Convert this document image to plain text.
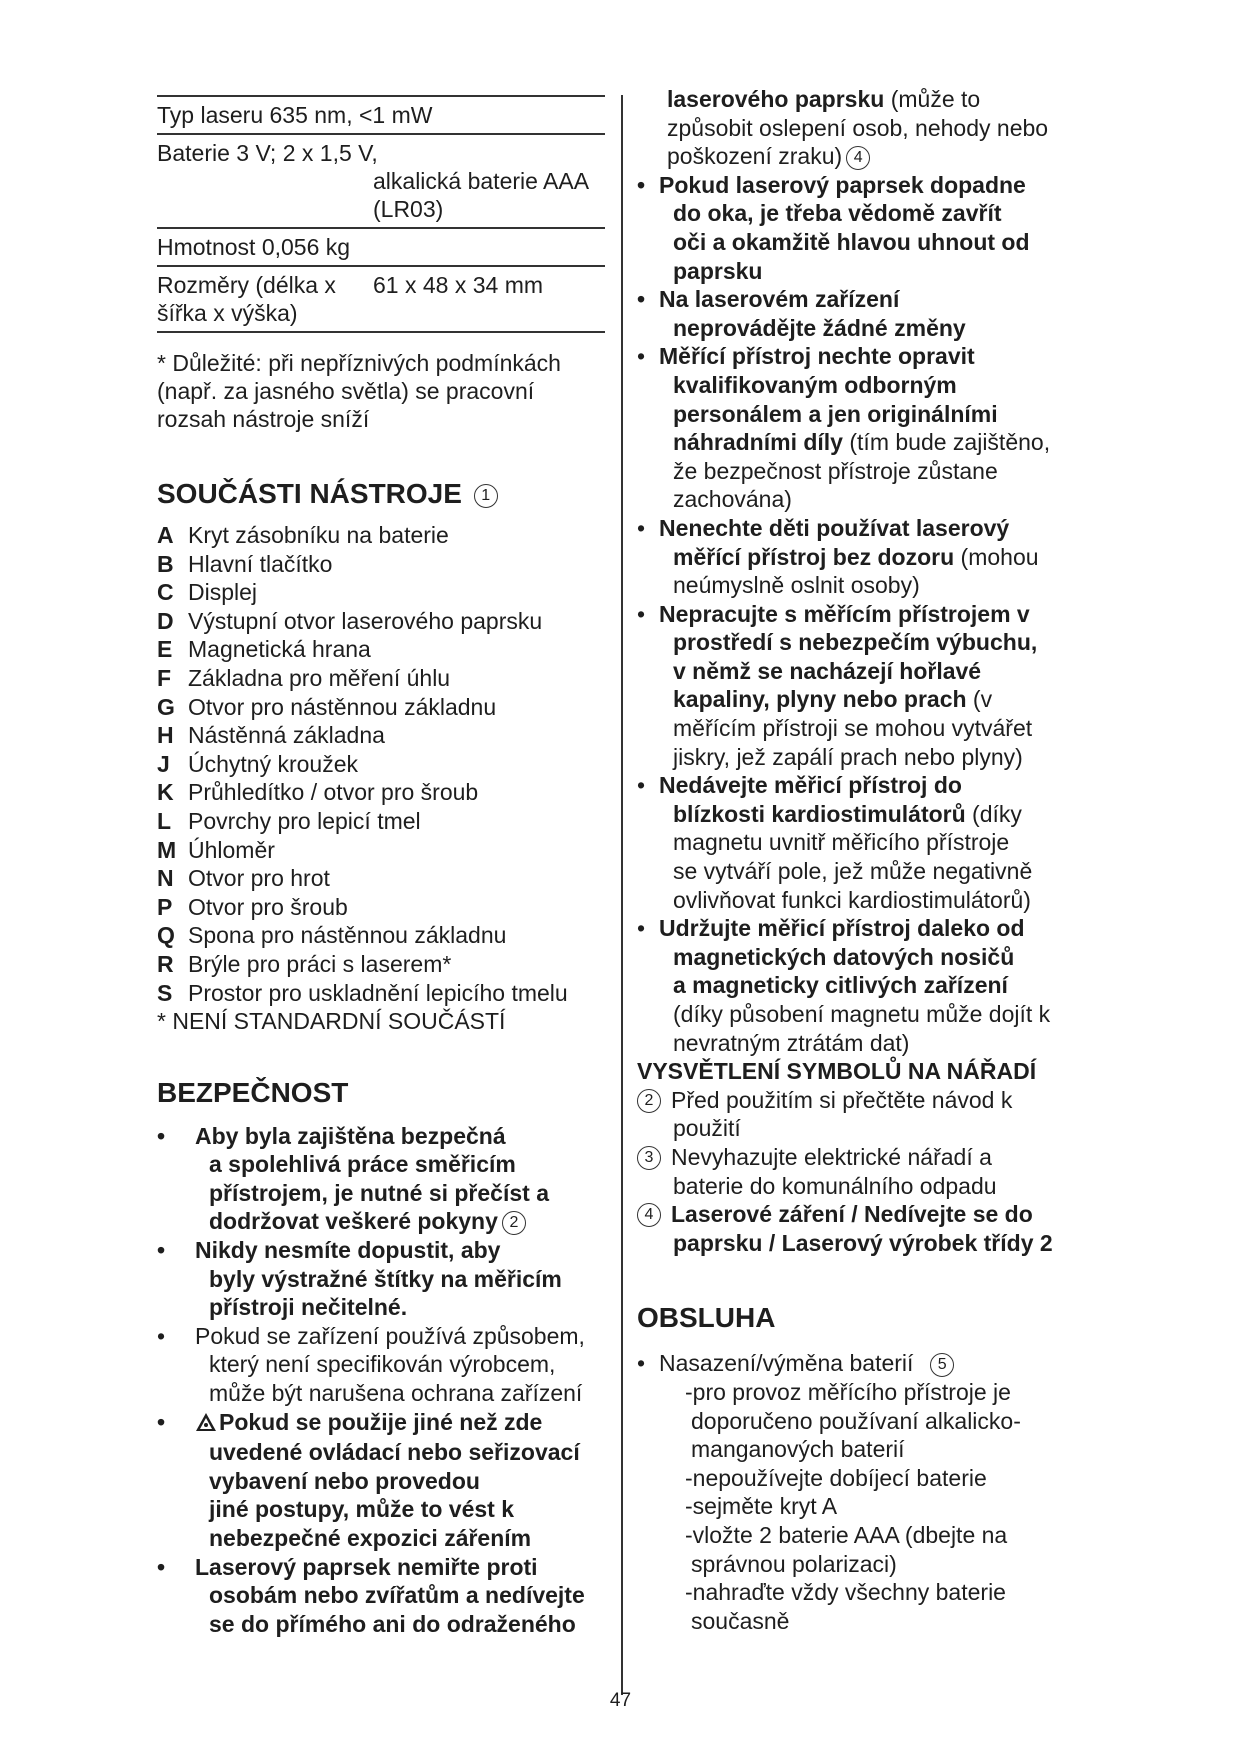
Typ laseru 635 nm, <1 mW
Baterie 3 V; 2 x 1,5 V,
alkalická baterie AAA
(LR03)
Hmotnost 0,056 kg
Rozměry (délka x
šířka x výška)
61 x 48 x 34 mm
* Důležité: při nepříznivých podmínkách
(např. za jasného světla) se pracovní
rozsah nástroje sníží
SOUČÁSTI NÁSTROJE 1
A Kryt zásobníku na baterie
B Hlavní tlačítko
C Displej
D Výstupní otvor laserového paprsku
E Magnetická hrana
F Základna pro měření úhlu
G Otvor pro nástěnnou základnu
H Nástěnná základna
J Úchytný kroužek
K Průhledítko / otvor pro šroub
L Povrchy pro lepicí tmel
M Úhloměr
N Otvor pro hrot
P Otvor pro šroub
Q Spona pro nástěnnou základnu
R Brýle pro práci s laserem*
S Prostor pro uskladnění lepicího tmelu
* NENÍ STANDARDNÍ SOUČÁSTÍ
BEZPEČNOST
• Aby byla zajištěna bezpečná
a spolehlivá práce směřicím
přístrojem, je nutné si přečíst a
dodržovat veškeré pokyny 2
• Nikdy nesmíte dopustit, aby
byly výstražné štítky na měřicím
přístroji nečitelné.
• Pokud se zařízení používá způsobem,
který není specifikován výrobcem,
může být narušena ochrana zařízení
•	Pokud se použije jiné než zde
uvedené ovládací nebo seřizovací
vybavení nebo provedou
jiné postupy, může to vést k
nebezpečné expozici zářením
• Laserový paprsek nemiřte proti
osobám nebo zvířatům a nedívejte
se do přímého ani do odraženého
laserového paprsku (může to
způsobit oslepení osob, nehody nebo
poškození zraku) 4
• Pokud laserový paprsek dopadne
do oka, je třeba vědomě zavřít
oči a okamžitě hlavou uhnout od
paprsku
• Na laserovém zařízení
neprovádějte žádné změny
• Měřící přístroj nechte opravit
kvalifikovaným odborným
personálem a jen originálními
náhradními díly (tím bude zajištěno,
že bezpečnost přístroje zůstane
zachována)
• Nenechte děti používat laserový
měřící přístroj bez dozoru (mohou
neúmyslně oslnit osoby)
• Nepracujte s měřícím přístrojem v
prostředí s nebezpečím výbuchu,
v němž se nacházejí hořlavé
kapaliny, plyny nebo prach (v
měřícím přístroji se mohou vytvářet
jiskry, jež zapálí prach nebo plyny)
• Nedávejte měřicí přístroj do
blízkosti kardiostimulátorů (díky
magnetu uvnitř měřicího přístroje
se vytváří pole, jež může negativně
ovlivňovat funkci kardiostimulátorů)
• Udržujte měřicí přístroj daleko od
magnetických datových nosičů
a magneticky citlivých zařízení
(díky působení magnetu může dojít k
nevratným ztrátám dat)
VYSVĚTLENÍ SYMBOLŮ NA NÁŘADÍ
2 Před použitím si přečtěte návod k
použití
3 Nevyhazujte elektrické nářadí a
baterie do komunálního odpadu
4 Laserové záření / Nedívejte se do
paprsku / Laserový výrobek třídy 2
OBSLUHA
• Nasazení/výměna baterií 5
-pro provoz měřícího přístroje je
doporučeno používaní alkalicko-
manganových baterií
-nepoužívejte dobíjecí baterie
-sejměte kryt A
-vložte 2 baterie AAA (dbejte na
správnou polarizaci)
-nahraďte vždy všechny baterie
současně
47
